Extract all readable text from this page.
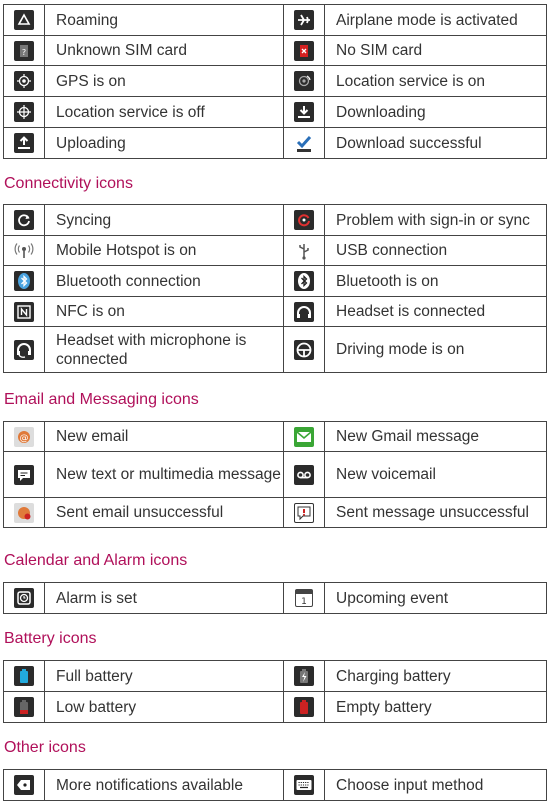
	Roaming		Airplane mode is activated

?	Unknown SIM card		No SIM card

	GPS is on		Location service is on

	Location service is off		Downloading

	Uploading		Download successful
Connectivity icons
	Syncing		Problem with sign-in or sync

	Mobile Hotspot is on		USB connection

	Bluetooth connection		Bluetooth is on

	NFC is on		Headset is connected

	Headset with microphone is connected		Driving mode is on
Email and Messaging icons
@	New email		New Gmail message

	New text or multimedia message		New voicemail

	Sent email unsuccessful		Sent message unsuccessful
Calendar and Alarm icons
	Alarm is set	1	Upcoming event
Battery icons
	Full battery		Charging battery

	Low battery		Empty battery
Other icons
	More notifications available		Choose input method
